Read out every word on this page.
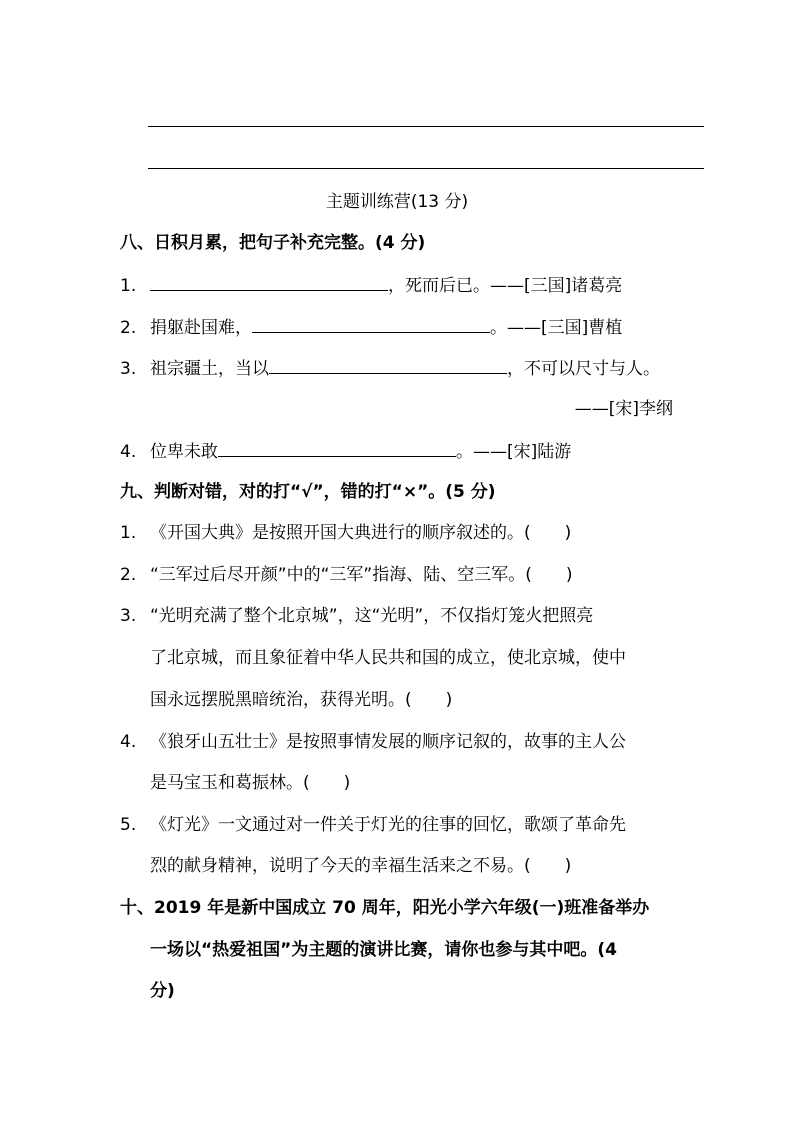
主题训练营(13 分)
八、日积月累，把句子补充完整。(4 分)
1.	，死而后已。——[三国]诸葛亮
2. 捐躯赴国难，	。——[三国]曹植
3. 祖宗疆土，当以	，不可以尺寸与人。
——[宋]李纲
4. 位卑未敢	。——[宋]陆游
九、判断对错，对的打“√”，错的打“×”。(5 分)
1. 《开国大典》是按照开国大典进行的顺序叙述的。(　　)
2. “三军过后尽开颜”中的“三军”指海、陆、空三军。(　　)
3. “光明充满了整个北京城”，这“光明”，不仅指灯笼火把照亮
了北京城，而且象征着中华人民共和国的成立，使北京城，使中
国永远摆脱黑暗统治，获得光明。(　　)
4. 《狼牙山五壮士》是按照事情发展的顺序记叙的，故事的主人公
是马宝玉和葛振林。(　　)
5. 《灯光》一文通过对一件关于灯光的往事的回忆，歌颂了革命先
烈的献身精神，说明了今天的幸福生活来之不易。(　　)
十、2019 年是新中国成立 70 周年，阳光小学六年级(一)班准备举办
一场以“热爱祖国”为主题的演讲比赛，请你也参与其中吧。(4
分)
